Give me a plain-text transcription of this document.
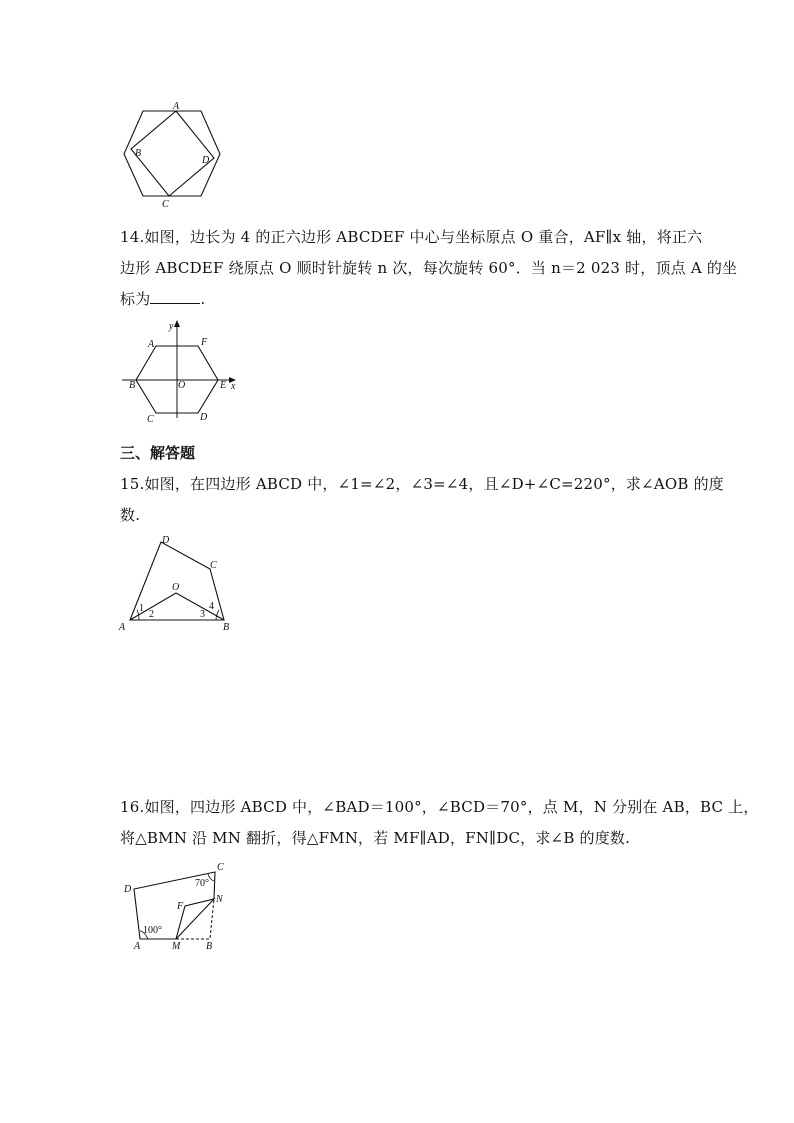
A
B
C
D
14.如图，边长为 4 的正六边形 ABCDEF 中心与坐标原点 O 重合，AF∥x 轴，将正六
边形 ABCDEF 绕原点 O 顺时针旋转 n 次，每次旋转 60°．当 n＝2 023 时，顶点 A 的坐
标为	.
y
x
A	F
B	O	E
C	D
三、解答题
15.如图，在四边形 ABCD 中，∠1=∠2，∠3=∠4，且∠D+∠C=220°，求∠AOB 的度
数.
D
C
O
A	B
1
2	3
4
16.如图，四边形 ABCD 中，∠BAD＝100°，∠BCD＝70°，点 M，N 分别在 AB，BC 上，
将△BMN 沿 MN 翻折，得△FMN，若 MF∥AD，FN∥DC，求∠B 的度数.
D
C
70°
F
N
100°
A	M	B
